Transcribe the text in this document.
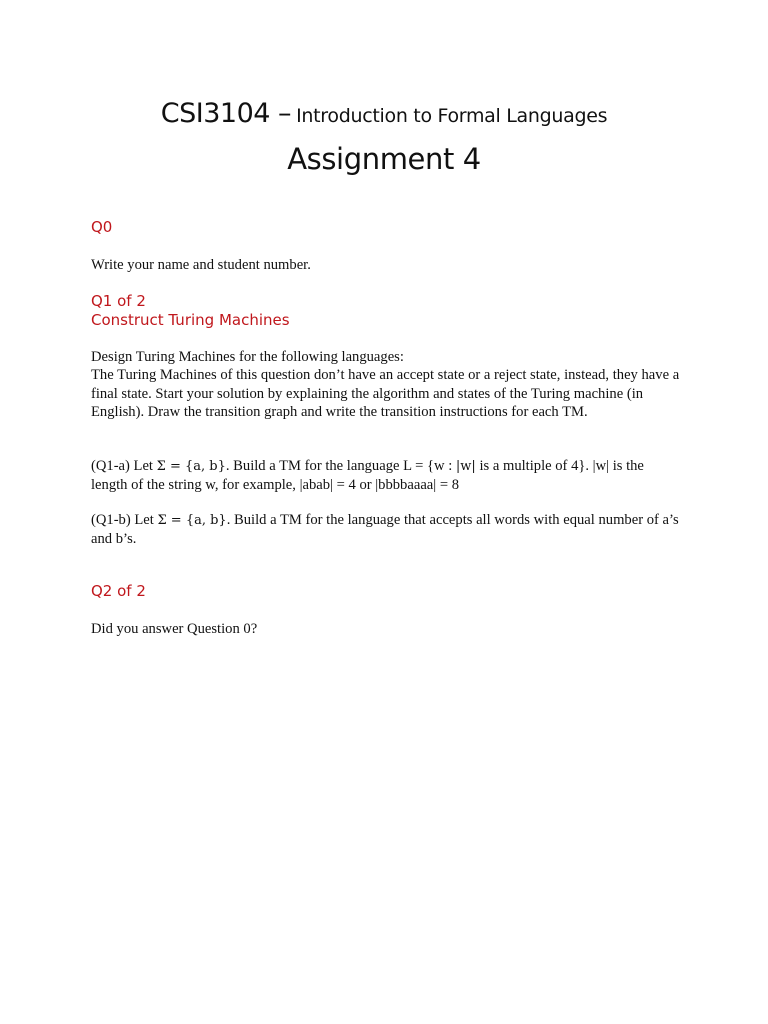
CSI3104 – Introduction to Formal Languages
Assignment 4
Q0
Write your name and student number.
Q1 of 2
Construct Turing Machines

Design Turing Machines for the following languages:

The Turing Machines of this question don’t have an accept state or a reject state, instead, they have a final state. Start your solution by explaining the algorithm and states of the Turing machine (in English). Draw the transition graph and write the transition instructions for each TM.

(Q1-a) Let Σ = {a, b}. Build a TM for the language L = {w : |w| is a multiple of 4}. |w| is the length of the string w, for example, |abab| = 4 or |bbbbaaaa| = 8
(Q1-b) Let Σ = {a, b}. Build a TM for the language that accepts all words with equal number of a’s and b’s.
Q2 of 2
Did you answer Question 0?
